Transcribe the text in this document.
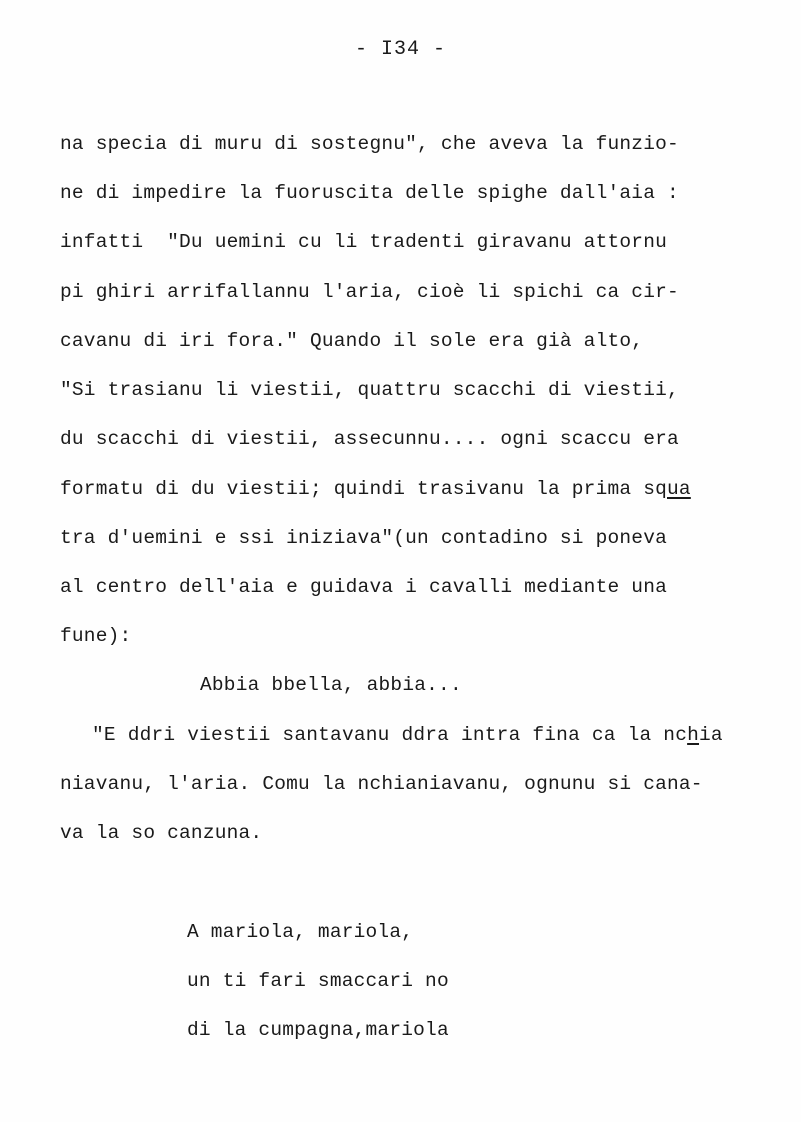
- I34 -
na specia di muru di sostegnu", che aveva la funzio-
ne di impedire la fuoruscita delle spighe dall'aia :
infatti  "Du uemini cu li tradenti giravanu attornu
pi ghiri arrifallannu l'aria, cioè li spichi ca cir-
cavanu di iri fora." Quando il sole era già alto,
"Si trasianu li viestii, quattru scacchi di viestii,
du scacchi di viestii, assecunnu.... ogni scaccu era
formatu di du viestii; quindi trasivanu la prima squa
tra d'uemini e ssi iniziava"(un contadino si poneva
al centro dell'aia e guidava i cavalli mediante una
fune):
Abbia bbella, abbia...
"E ddri viestii santavanu ddra intra fina ca la nchia
niavanu, l'aria. Comu la nchianiavanu, ognunu si cana-
va la so canzuna.
A mariola, mariola,
un ti fari smaccari no
di la cumpagna,mariola
